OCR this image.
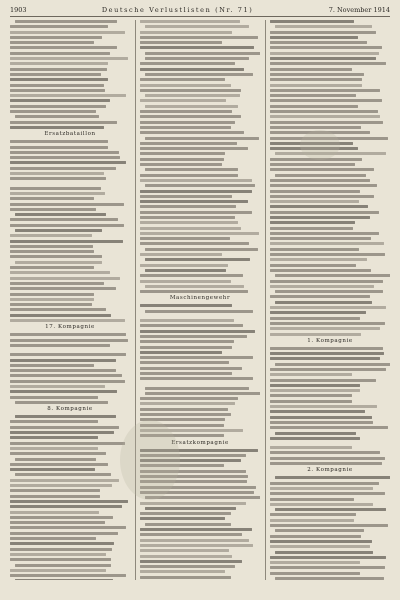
1903	Deutsche Verlustlisten (Nr. 71)	7. November 1914
Ersatzbataillon
17. Kompagnie
8. Kompagnie
Maschinengewehr
Ersatzkompagnie
1. Kompagnie
2. Kompagnie
